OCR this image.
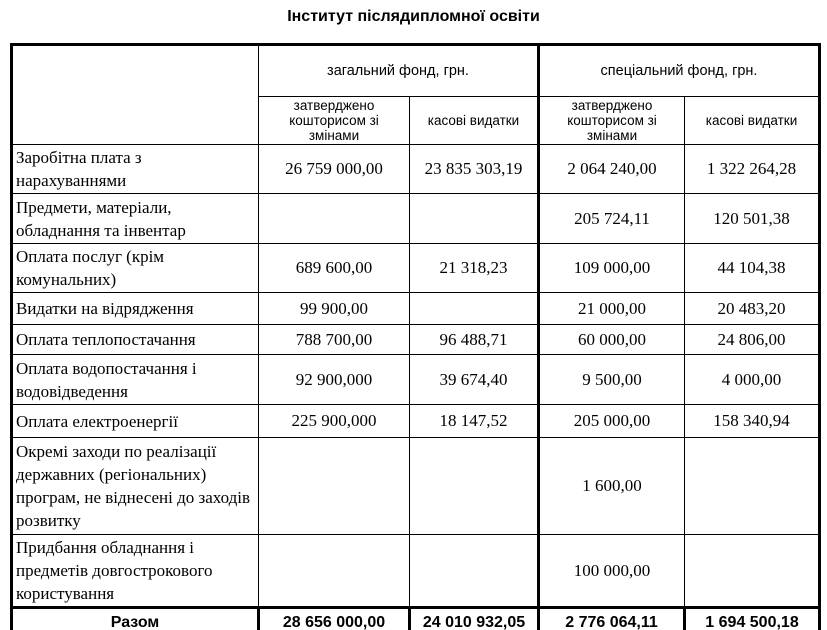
Інститут післядипломної освіти
	загальний фонд, грн.		спеціальний фонд, грн.	
	затверджено кошторисом зі змінами	касові видатки	затверджено кошторисом зі змінами	касові видатки
Заробітна плата з нарахуваннями	26 759 000,00	23 835 303,19	2 064 240,00	1 322 264,28
Предмети, матеріали, обладнання та інвентар			205 724,11	120 501,38
Оплата послуг (крім комунальних)	689 600,00	21 318,23	109 000,00	44 104,38
Видатки на відрядження	99 900,00		21 000,00	20 483,20
Оплата теплопостачання	788 700,00	96 488,71	60 000,00	24 806,00
Оплата водопостачання і водовідведення	92 900,000	39 674,40	9 500,00	4 000,00
Оплата електроенергії	225 900,000	18 147,52	205 000,00	158 340,94
Окремі заходи по реалізації державних (регіональних) програм, не віднесені до заходів розвитку			1 600,00	
Придбання обладнання і предметів довгострокового користування			100 000,00	
Разом	28 656 000,00	24 010 932,05	2 776 064,11	1 694 500,18
